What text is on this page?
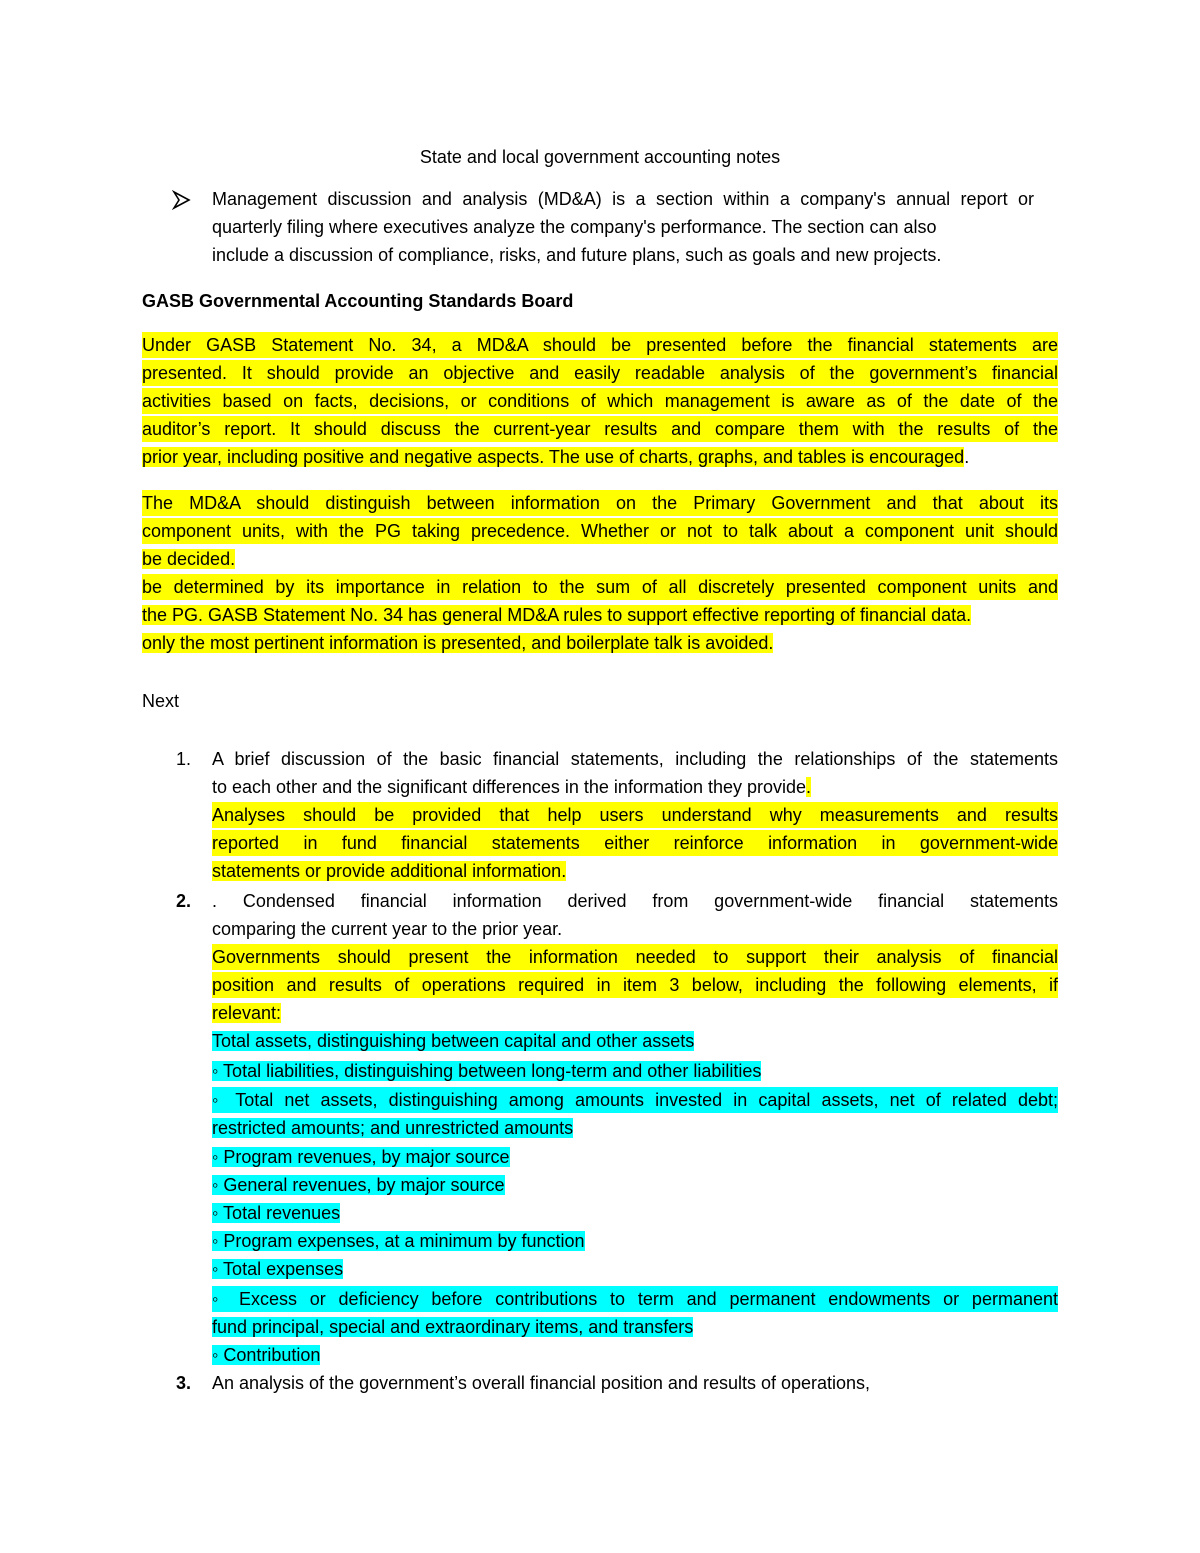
State and local government accounting notes
Management discussion and analysis (MD&A) is a section within a company's annual report or
quarterly filing where executives analyze the company's performance. The section can also
include a discussion of compliance, risks, and future plans, such as goals and new projects.
GASB Governmental Accounting Standards Board
Under GASB Statement No. 34, a MD&A should be presented before the financial statements are
presented. It should provide an objective and easily readable analysis of the government’s financial
activities based on facts, decisions, or conditions of which management is aware as of the date of the
auditor’s report. It should discuss the current-year results and compare them with the results of the
prior year, including positive and negative aspects. The use of charts, graphs, and tables is encouraged.
The MD&A should distinguish between information on the Primary Government and that about its
component units, with the PG taking precedence. Whether or not to talk about a component unit should
be decided.
be determined by its importance in relation to the sum of all discretely presented component units and
the PG. GASB Statement No. 34 has general MD&A rules to support effective reporting of financial data.
only the most pertinent information is presented, and boilerplate talk is avoided.
Next
1. A brief discussion of the basic financial statements, including the relationships of the statements
to each other and the significant differences in the information they provide.
Analyses should be provided that help users understand why measurements and results
reported in fund financial statements either reinforce information in government-wide
statements or provide additional information.
2. . Condensed financial information derived from government-wide financial statements
comparing the current year to the prior year.
Governments should present the information needed to support their analysis of financial
position and results of operations required in item 3 below, including the following elements, if
relevant:
Total assets, distinguishing between capital and other assets
◦ Total liabilities, distinguishing between long-term and other liabilities
◦ Total net assets, distinguishing among amounts invested in capital assets, net of related debt;
restricted amounts; and unrestricted amounts
◦ Program revenues, by major source
◦ General revenues, by major source
◦ Total revenues
◦ Program expenses, at a minimum by function
◦ Total expenses
◦ Excess or deficiency before contributions to term and permanent endowments or permanent
fund principal, special and extraordinary items, and transfers
◦ Contribution
3. An analysis of the government’s overall financial position and results of operations,
